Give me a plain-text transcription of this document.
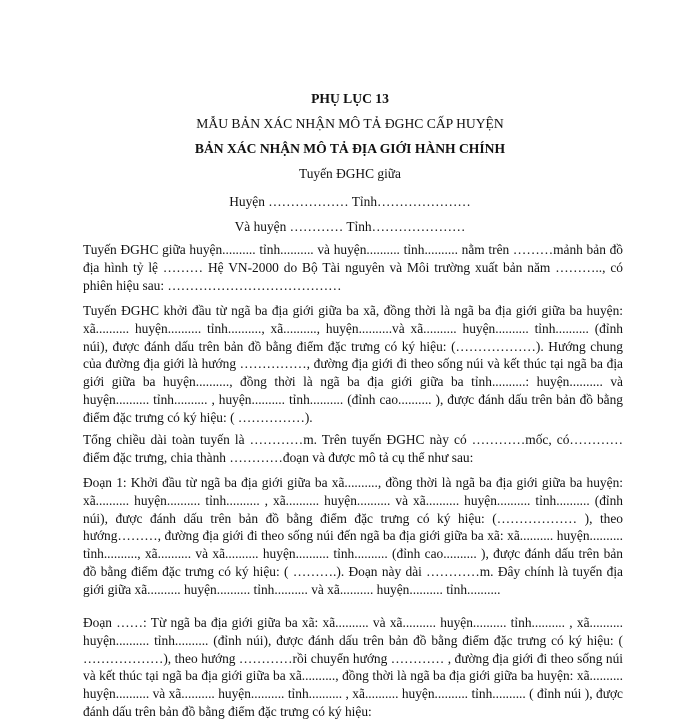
PHỤ LỤC 13
MẪU BẢN XÁC NHẬN MÔ TẢ ĐGHC CẤP HUYỆN
BẢN XÁC NHẬN MÔ TẢ ĐỊA GIỚI HÀNH CHÍNH
Tuyến ĐGHC giữa
Huyện ……………… Tỉnh…………………
Và huyện ………… Tỉnh…………………
Tuyến ĐGHC giữa huyện.......... tỉnh.......... và huyện.......... tỉnh.......... nằm trên ………mảnh bản đồ địa hình tỷ lệ ……… Hệ VN-2000 do Bộ Tài nguyên và Môi trường xuất bản năm ……….., có phiên hiệu sau: …………………………………
Tuyến ĐGHC khởi đầu từ ngã ba địa giới giữa ba xã, đồng thời là ngã ba địa giới giữa ba huyện: xã.......... huyện.......... tỉnh.........., xã.........., huyện..........và xã.......... huyện.......... tỉnh.......... (đỉnh núi), được đánh dấu trên bản đồ bằng điểm đặc trưng có ký hiệu: (………………). Hướng chung của đường địa giới là hướng ……………, đường địa giới đi theo sống núi và kết thúc tại ngã ba địa giới giữa ba huyện.........., đồng thời là ngã ba địa giới giữa ba tỉnh..........: huyện.......... và huyện.......... tỉnh.......... , huyện.......... tỉnh.......... (đỉnh cao.......... ), được đánh dấu trên bản đồ bằng điểm đặc trưng có ký hiệu: ( ……………).
Tổng chiều dài toàn tuyến là …………m. Trên tuyến ĐGHC này có …………mốc, có………… điểm đặc trưng, chia thành …………đoạn và được mô tả cụ thể như sau:
Đoạn 1: Khởi đầu từ ngã ba địa giới giữa ba xã.........., đồng thời là ngã ba địa giới giữa ba huyện: xã.......... huyện.......... tỉnh.......... , xã.......... huyện.......... và xã.......... huyện.......... tỉnh.......... (đỉnh núi), được đánh dấu trên bản đồ bằng điểm đặc trưng có ký hiệu: (……………… ), theo hướng………, đường địa giới đi theo sống núi đến ngã ba địa giới giữa ba xã: xã.......... huyện.......... tỉnh.........., xã.......... và xã.......... huyện.......... tỉnh.......... (đỉnh cao.......... ), được đánh dấu trên bản đồ bằng điểm đặc trưng có ký hiệu: ( ……….). Đoạn này dài …………m. Đây chính là tuyến địa giới giữa xã.......... huyện.......... tỉnh.......... và xã.......... huyện.......... tỉnh..........
Đoạn ……: Từ ngã ba địa giới giữa ba xã: xã.......... và xã.......... huyện.......... tỉnh.......... , xã.......... huyện.......... tỉnh.......... (đỉnh núi), được đánh dấu trên bản đồ bằng điểm đặc trưng có ký hiệu: ( ………………), theo hướng …………rồi chuyển hướng ………… , đường địa giới đi theo sống núi và kết thúc tại ngã ba địa giới giữa ba xã.........., đồng thời là ngã ba địa giới giữa ba huyện: xã.......... huyện.......... và xã.......... huyện.......... tỉnh.......... , xã.......... huyện.......... tỉnh.......... ( đỉnh núi ), được đánh dấu trên bản đồ bằng điểm đặc trưng có ký hiệu:
